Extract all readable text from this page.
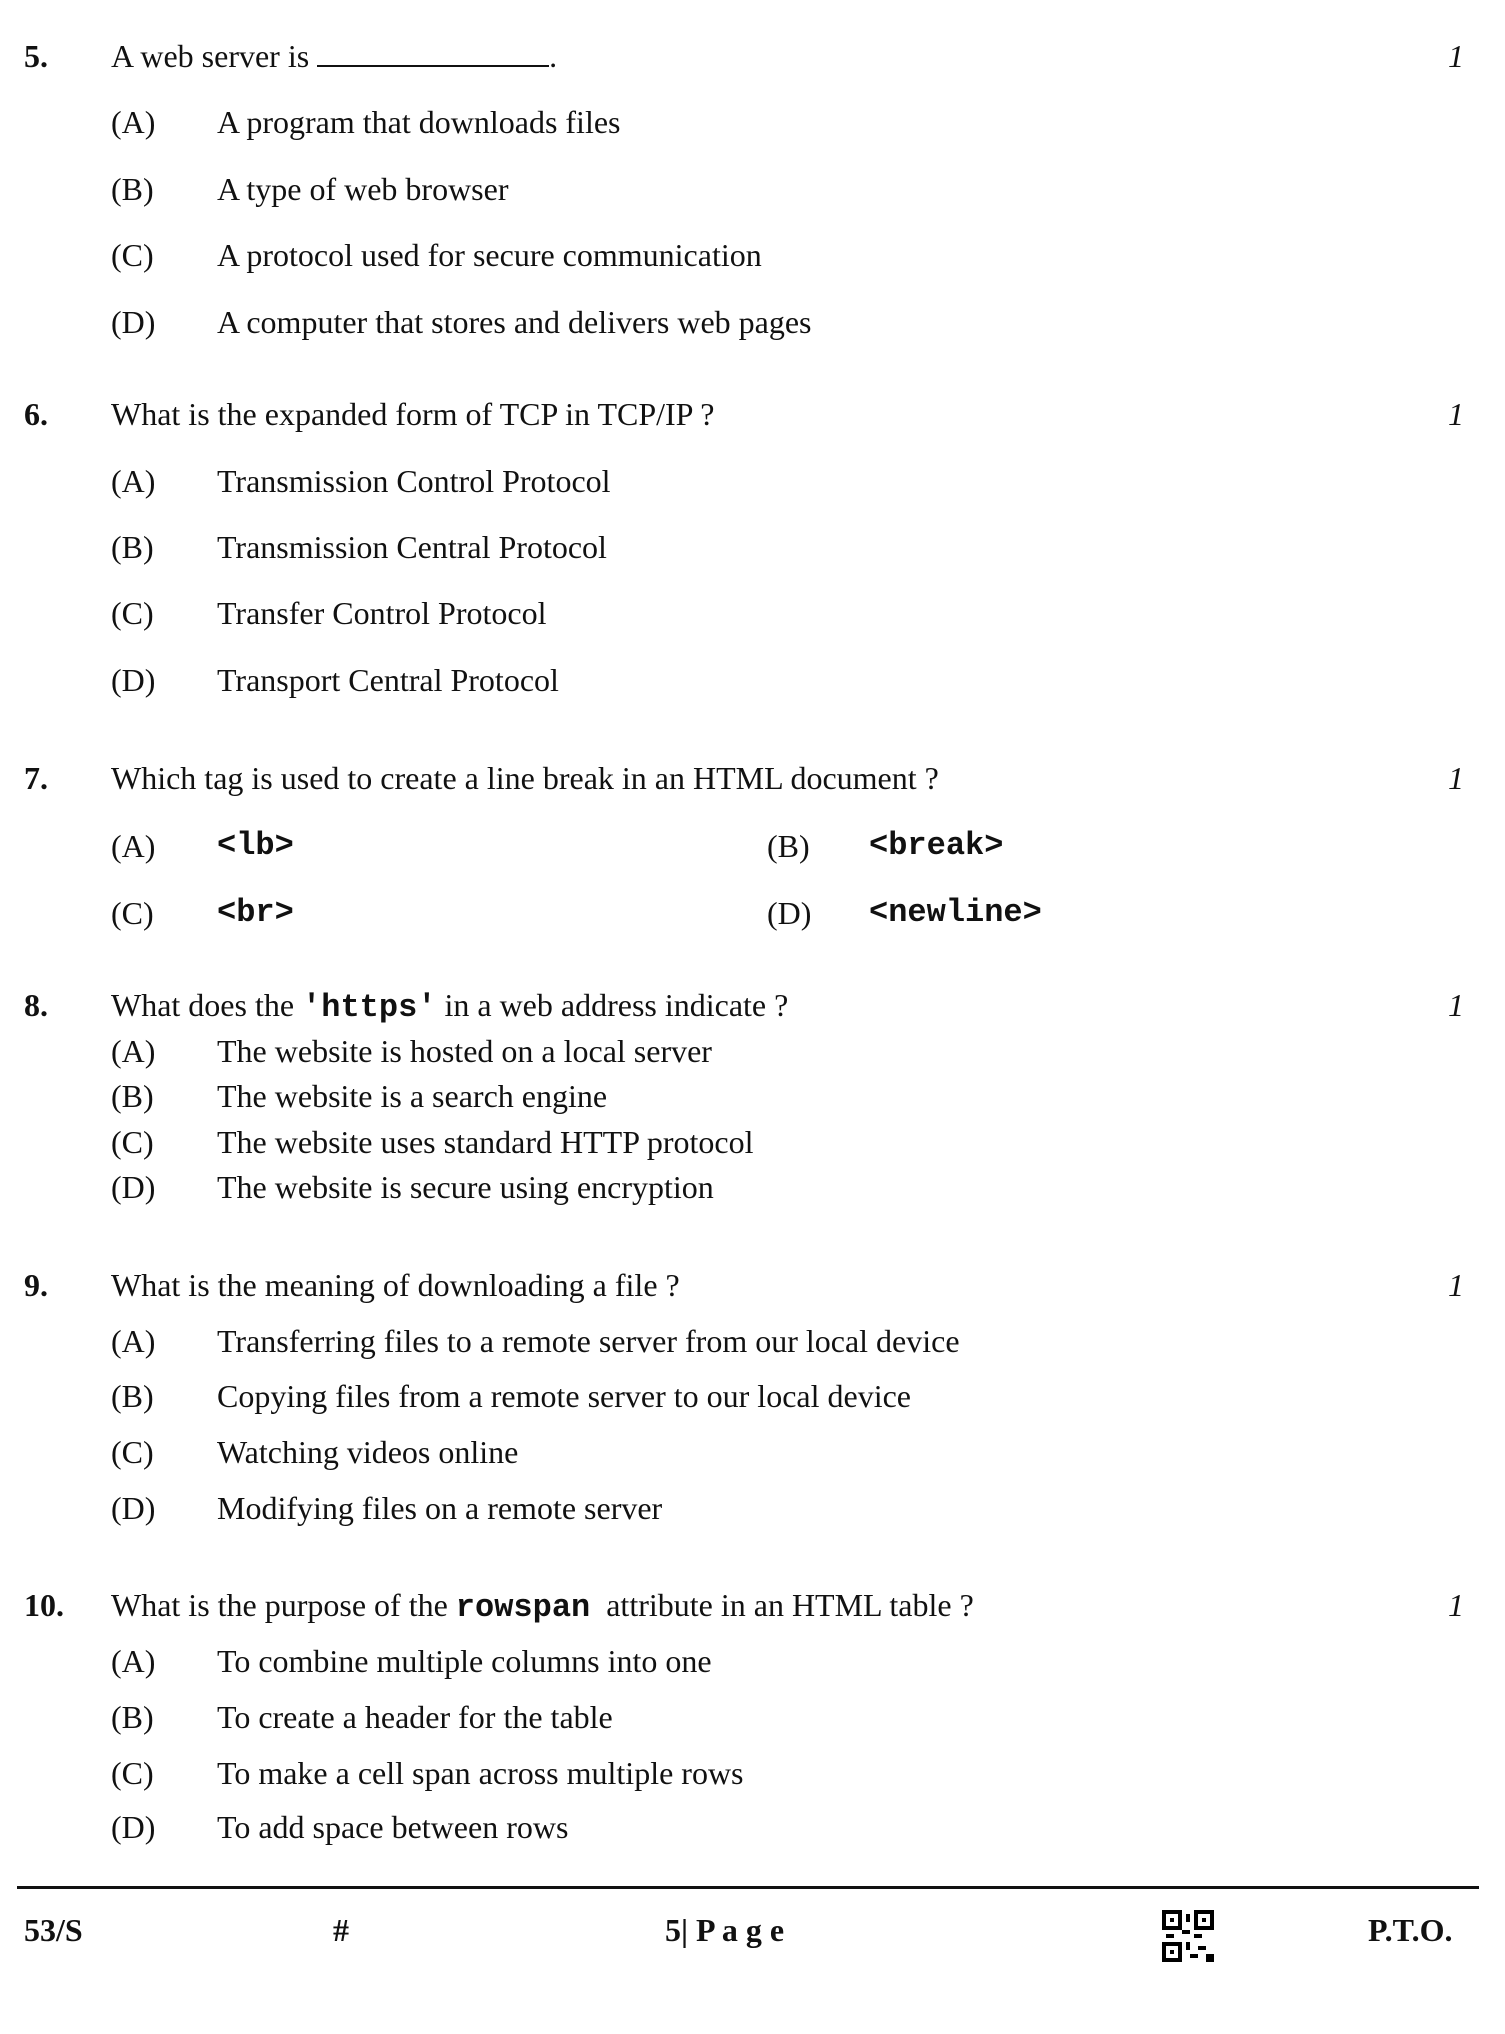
5. A web server is	.	1
(A) A program that downloads files
(B) A type of web browser
(C) A protocol used for secure communication
(D) A computer that stores and delivers web pages
6. What is the expanded form of TCP in TCP/IP ?	1
(A) Transmission Control Protocol
(B) Transmission Central Protocol
(C) Transfer Control Protocol
(D) Transport Central Protocol
7. Which tag is used to create a line break in an HTML document ?	1
(A) <lb>	(B) <break>
(C) <br>	(D) <newline>
8. What does the 'https' in a web address indicate ?	1
(A) The website is hosted on a local server
(B) The website is a search engine
(C) The website uses standard HTTP protocol
(D) The website is secure using encryption
9. What is the meaning of downloading a file ?	1
(A) Transferring files to a remote server from our local device
(B) Copying files from a remote server to our local device
(C) Watching videos online
(D) Modifying files on a remote server
10. What is the purpose of the rowspan  attribute in an HTML table ?	1
(A) To combine multiple columns into one
(B) To create a header for the table
(C) To make a cell span across multiple rows
(D) To add space between rows
53/S	#	5| P a g e	P.T.O.
